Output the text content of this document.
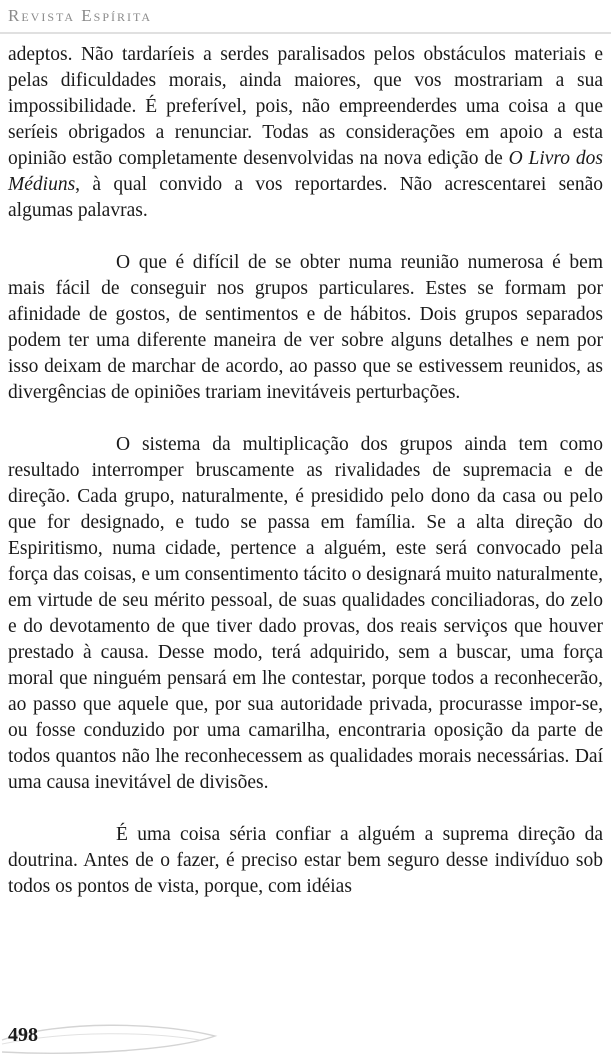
Revista Espírita

adeptos. Não tardaríeis a serdes paralisados pelos obstáculos materiais e pelas dificuldades morais, ainda maiores, que vos mostrariam a sua impossibilidade. É preferível, pois, não empreenderdes uma coisa a que seríeis obrigados a renunciar. Todas as considerações em apoio a esta opinião estão completamente desenvolvidas na nova edição de O Livro dos Médiuns, à qual convido a vos reportardes. Não acrescentarei senão algumas palavras.

O que é difícil de se obter numa reunião numerosa é bem mais fácil de conseguir nos grupos particulares. Estes se formam por afinidade de gostos, de sentimentos e de hábitos. Dois grupos separados podem ter uma diferente maneira de ver sobre alguns detalhes e nem por isso deixam de marchar de acordo, ao passo que se estivessem reunidos, as divergências de opiniões trariam inevitáveis perturbações.

O sistema da multiplicação dos grupos ainda tem como resultado interromper bruscamente as rivalidades de supremacia e de direção. Cada grupo, naturalmente, é presidido pelo dono da casa ou pelo que for designado, e tudo se passa em família. Se a alta direção do Espiritismo, numa cidade, pertence a alguém, este será convocado pela força das coisas, e um consentimento tácito o designará muito naturalmente, em virtude de seu mérito pessoal, de suas qualidades conciliadoras, do zelo e do devotamento de que tiver dado provas, dos reais serviços que houver prestado à causa. Desse modo, terá adquirido, sem a buscar, uma força moral que ninguém pensará em lhe contestar, porque todos a reconhecerão, ao passo que aquele que, por sua autoridade privada, procurasse impor-se, ou fosse conduzido por uma camarilha, encontraria oposição da parte de todos quantos não lhe reconhecessem as qualidades morais necessárias. Daí uma causa inevitável de divisões.

É uma coisa séria confiar a alguém a suprema direção da doutrina. Antes de o fazer, é preciso estar bem seguro desse indivíduo sob todos os pontos de vista, porque, com idéias

498
